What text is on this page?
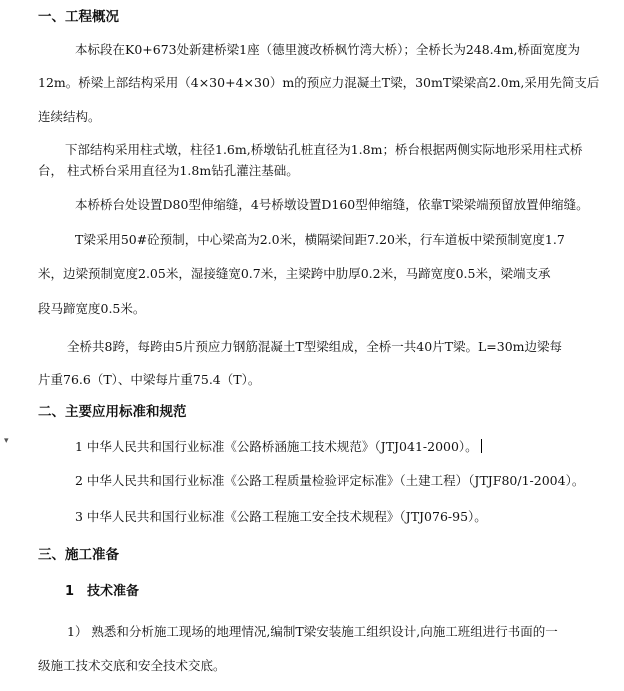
一、工程概况
本标段在K0+673处新建桥梁1座（德里渡改桥枫竹湾大桥）；全桥长为248.4m,桥面宽度为
12m。桥梁上部结构采用（4×30+4×30）m的预应力混凝土T梁，30mT梁梁高2.0m,采用先简支后
连续结构。
下部结构采用柱式墩，柱径1.6m,桥墩钻孔桩直径为1.8m；桥台根据两侧实际地形采用柱式桥
台， 柱式桥台采用直径为1.8m钻孔灌注基础。
本桥桥台处设置D80型伸缩缝，4号桥墩设置D160型伸缩缝，依靠T梁梁端预留放置伸缩缝。
T梁采用50#砼预制，中心梁高为2.0米，横隔梁间距7.20米，行车道板中梁预制宽度1.7
米，边梁预制宽度2.05米，湿接缝宽0.7米，主梁跨中肋厚0.2米，马蹄宽度0.5米，梁端支承
段马蹄宽度0.5米。
全桥共8跨，每跨由5片预应力钢筋混凝土T型梁组成，全桥一共40片T梁。L=30m边梁每
片重76.6（T）、中梁每片重75.4（T）。
二、主要应用标准和规范
▾	1 中华人民共和国行业标准《公路桥涵施工技术规范》（JTJ041-2000）。
2 中华人民共和国行业标准《公路工程质量检验评定标准》（土建工程）（JTJF80/1-2004）。
3 中华人民共和国行业标准《公路工程施工安全技术规程》（JTJ076-95）。
三、施工准备
1　技术准备
1） 熟悉和分析施工现场的地理情况,编制T梁安装施工组织设计,向施工班组进行书面的一
级施工技术交底和安全技术交底。
